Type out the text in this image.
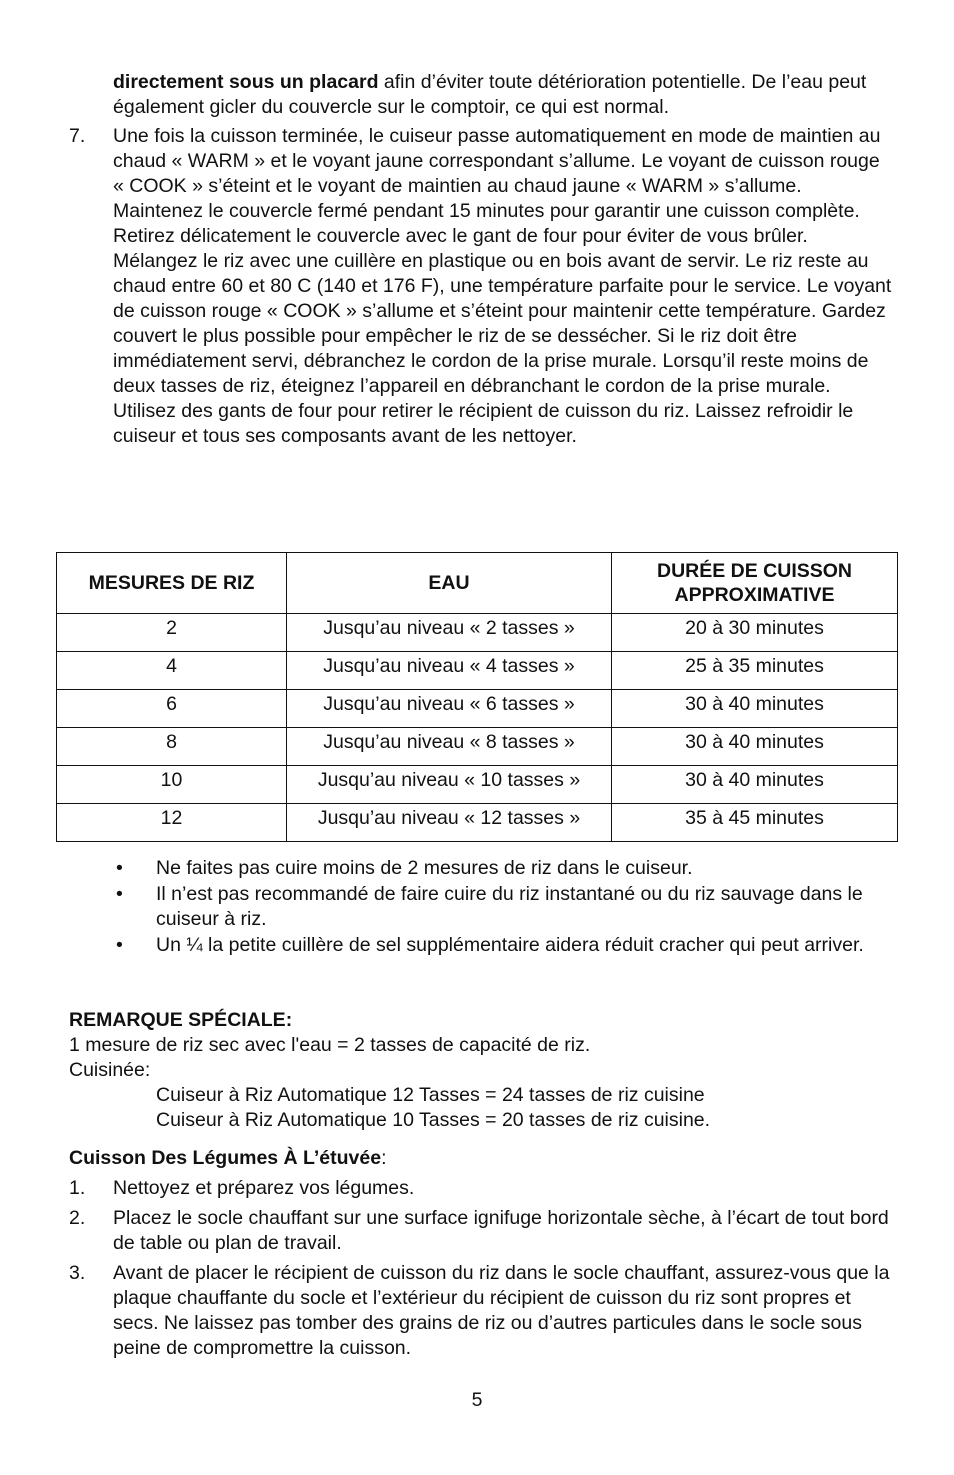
directement sous un placard afin d’éviter toute détérioration potentielle. De l’eau peut également gicler du couvercle sur le comptoir, ce qui est normal.
7. Une fois la cuisson terminée, le cuiseur passe automatiquement en mode de maintien au chaud « WARM » et le voyant jaune correspondant s’allume. Le voyant de cuisson rouge « COOK » s’éteint et le voyant de maintien au chaud jaune « WARM » s’allume. Maintenez le couvercle fermé pendant 15 minutes pour garantir une cuisson complète. Retirez délicatement le couvercle avec le gant de four pour éviter de vous brûler. Mélangez le riz avec une cuillère en plastique ou en bois avant de servir. Le riz reste au chaud entre 60 et 80 C (140 et 176 F), une température parfaite pour le service. Le voyant de cuisson rouge « COOK » s’allume et s’éteint pour maintenir cette température. Gardez couvert le plus possible pour empêcher le riz de se dessécher. Si le riz doit être immédiatement servi, débranchez le cordon de la prise murale. Lorsqu’il reste moins de deux tasses de riz, éteignez l’appareil en débranchant le cordon de la prise murale. Utilisez des gants de four pour retirer le récipient de cuisson du riz. Laissez refroidir le cuiseur et tous ses composants avant de les nettoyer.
MESURES DE RIZ	EAU	DURÉE DE CUISSON APPROXIMATIVE
2	Jusqu’au niveau « 2 tasses »	20 à 30 minutes
4	Jusqu’au niveau « 4 tasses »	25 à 35 minutes
6	Jusqu’au niveau « 6 tasses »	30 à 40 minutes
8	Jusqu’au niveau « 8 tasses »	30 à 40 minutes
10	Jusqu’au niveau « 10 tasses »	30 à 40 minutes
12	Jusqu’au niveau « 12 tasses »	35 à 45 minutes
• Ne faites pas cuire moins de 2 mesures de riz dans le cuiseur.
• Il n’est pas recommandé de faire cuire du riz instantané ou du riz sauvage dans le cuiseur à riz.
• Un ¼ la petite cuillère de sel supplémentaire aidera réduit cracher qui peut arriver.
REMARQUE SPÉCIALE:
1 mesure de riz sec avec l'eau = 2 tasses de capacité de riz.
Cuisinée:
Cuiseur à Riz Automatique 12 Tasses = 24 tasses de riz cuisine
Cuiseur à Riz Automatique 10 Tasses = 20 tasses de riz cuisine.
Cuisson Des Légumes À L’étuvée:
1. Nettoyez et préparez vos légumes.
2. Placez le socle chauffant sur une surface ignifuge horizontale sèche, à l’écart de tout bord de table ou plan de travail.
3. Avant de placer le récipient de cuisson du riz dans le socle chauffant, assurez-vous que la plaque chauffante du socle et l’extérieur du récipient de cuisson du riz sont propres et secs. Ne laissez pas tomber des grains de riz ou d’autres particules dans le socle sous peine de compromettre la cuisson.
5
